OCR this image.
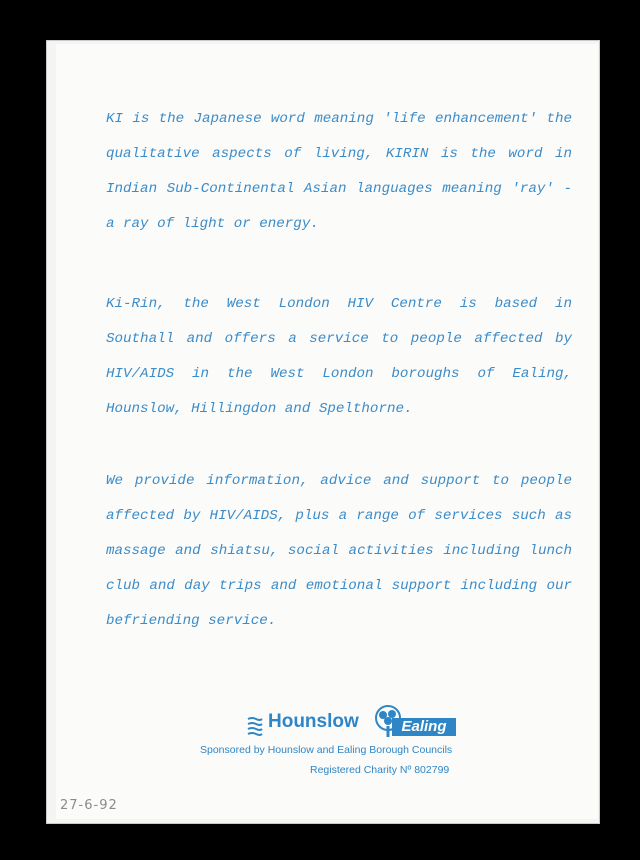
KI is the Japanese word meaning 'life enhancement' the qualitative aspects of living, KIRIN is the word in Indian Sub-Continental Asian languages meaning 'ray' - a ray of light or energy.

Ki-Rin, the West London HIV Centre is based in Southall and offers a service to people affected by HIV/AIDS in the West London boroughs of Ealing, Hounslow, Hillingdon and Spelthorne.

We provide information, advice and support to people affected by HIV/AIDS, plus a range of services such as massage and shiatsu, social activities including lunch club and day trips and emotional support including our befriending service.

Hounslow	Ealing
Sponsored by Hounslow and Ealing Borough Councils
Registered Charity Nº 802799
27-6-92
